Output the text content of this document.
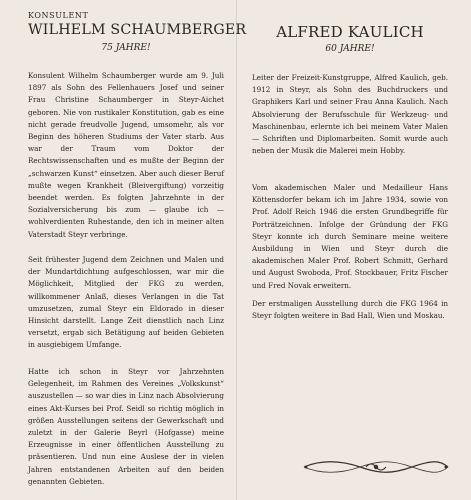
KONSULENT
WILHELM SCHAUMBERGER
75 JAHRE!

Konsulent Wilhelm Schaumberger wurde am 9. Juli 1897 als Sohn des Fellenhauers Josef und seiner Frau Christine Schaumberger in Steyr-Aichet geboren. Nie von rustikaler Konstitution, gab es eine nicht gerade freudvolle Jugend, umsomehr, als vor Beginn des höheren Studiums der Vater starb. Aus war der Traum vom Doktor der Rechtswissenschaften und es mußte der Beginn der „schwarzen Kunst“ einsetzen. Aber auch dieser Beruf mußte wegen Krankheit (Bleivergiftung) vorzeitig beendet werden. Es folgten Jahrzehnte in der Sozialversicherung bis zum — glaube ich — wohlverdienten Ruhestande, den ich in meiner alten Vaterstadt Steyr verbringe.

Seit frühester Jugend dem Zeichnen und Malen und der Mundartdichtung aufgeschlossen, war mir die Möglichkeit, Mitglied der FKG zu werden, willkommener Anlaß, dieses Verlangen in die Tat umzusetzen, zumal Steyr ein Eldorado in dieser Hinsicht darstellt. Lange Zeit dienstlich nach Linz versetzt, ergab sich Betätigung auf beiden Gebieten in ausgiebigem Umfange.

Hatte ich schon in Steyr vor Jahrzehnten Gelegenheit, im Rahmen des Vereines „Volkskunst“ auszustellen — so war dies in Linz nach Absolvierung eines Akt-Kurses bei Prof. Seidl so richtig möglich in größen Ausstellungen seitens der Gewerkschaft und zuletzt in der Galerie Beyrl (Hofgasse) meine Erzeugnisse in einer öffentlichen Ausstellung zu präsentieren. Und nun eine Auslese der in vielen Jahren entstandenen Arbeiten auf den beiden genannten Gebieten.

ALFRED KAULICH
60 JAHRE!

Leiter der Freizeit-Kunstgruppe, Alfred Kaulich, geb. 1912 in Steyr, als Sohn des Buchdruckers und Graphikers Karl und seiner Frau Anna Kaulich. Nach Absolvierung der Berufsschule für Werkzeug- und Maschinenbau, erlernte ich bei meinem Vater Malen — Schriften und Diplomarbeiten. Somit wurde auch neben der Musik die Malerei mein Hobby.

Vom akademischen Maler und Medailleur Hans Köttensdorfer bekam ich im Jahre 1934, sowie von Prof. Adolf Reich 1946 die ersten Grundbegriffe für Porträtzeichnen. Infolge der Gründung der FKG Steyr konnte ich durch Seminare meine weitere Ausbildung in Wien und Steyr durch die akademischen Maler Prof. Robert Schmitt, Gerhard und August Swoboda, Prof. Stockbauer, Fritz Fischer und Fred Novak erweitern.

Der erstmaligen Ausstellung durch die FKG 1964 in Steyr folgten weitere in Bad Hall, Wien und Moskau.
